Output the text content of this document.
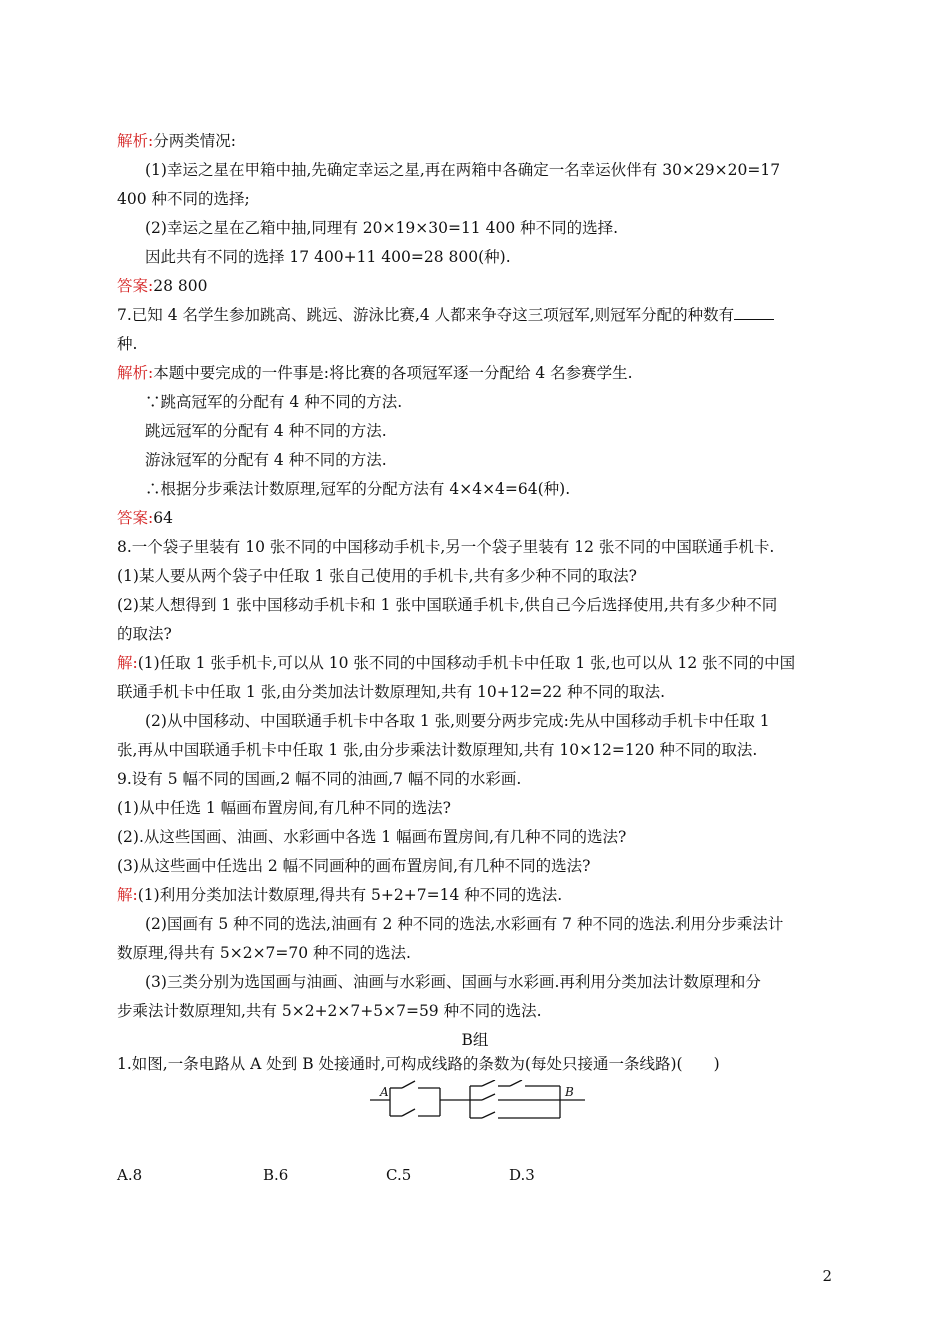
解析:分两类情况:
(1)幸运之星在甲箱中抽,先确定幸运之星,再在两箱中各确定一名幸运伙伴有 30×29×20=17
400 种不同的选择;
(2)幸运之星在乙箱中抽,同理有 20×19×30=11 400 种不同的选择.
因此共有不同的选择 17 400+11 400=28 800(种).
答案:28 800
7.已知 4 名学生参加跳高、跳远、游泳比赛,4 人都来争夺这三项冠军,则冠军分配的种数有
种.
解析:本题中要完成的一件事是:将比赛的各项冠军逐一分配给 4 名参赛学生.
∵跳高冠军的分配有 4 种不同的方法.
跳远冠军的分配有 4 种不同的方法.
游泳冠军的分配有 4 种不同的方法.
∴根据分步乘法计数原理,冠军的分配方法有 4×4×4=64(种).
答案:64
8.一个袋子里装有 10 张不同的中国移动手机卡,另一个袋子里装有 12 张不同的中国联通手机卡.
(1)某人要从两个袋子中任取 1 张自己使用的手机卡,共有多少种不同的取法?
(2)某人想得到 1 张中国移动手机卡和 1 张中国联通手机卡,供自己今后选择使用,共有多少种不同
的取法?
解:(1)任取 1 张手机卡,可以从 10 张不同的中国移动手机卡中任取 1 张,也可以从 12 张不同的中国
联通手机卡中任取 1 张,由分类加法计数原理知,共有 10+12=22 种不同的取法.
(2)从中国移动、中国联通手机卡中各取 1 张,则要分两步完成:先从中国移动手机卡中任取 1
张,再从中国联通手机卡中任取 1 张,由分步乘法计数原理知,共有 10×12=120 种不同的取法.
9.设有 5 幅不同的国画,2 幅不同的油画,7 幅不同的水彩画.
(1)从中任选 1 幅画布置房间,有几种不同的选法?
(2).从这些国画、油画、水彩画中各选 1 幅画布置房间,有几种不同的选法?
(3)从这些画中任选出 2 幅不同画种的画布置房间,有几种不同的选法?
解:(1)利用分类加法计数原理,得共有 5+2+7=14 种不同的选法.
(2)国画有 5 种不同的选法,油画有 2 种不同的选法,水彩画有 7 种不同的选法.利用分步乘法计
数原理,得共有 5×2×7=70 种不同的选法.
(3)三类分别为选国画与油画、油画与水彩画、国画与水彩画.再利用分类加法计数原理和分
步乘法计数原理知,共有 5×2+2×7+5×7=59 种不同的选法.
B组
1.如图,一条电路从 A 处到 B 处接通时,可构成线路的条数为(每处只接通一条线路)(　　)
A	B
A.8	B.6	C.5	D.3
2
